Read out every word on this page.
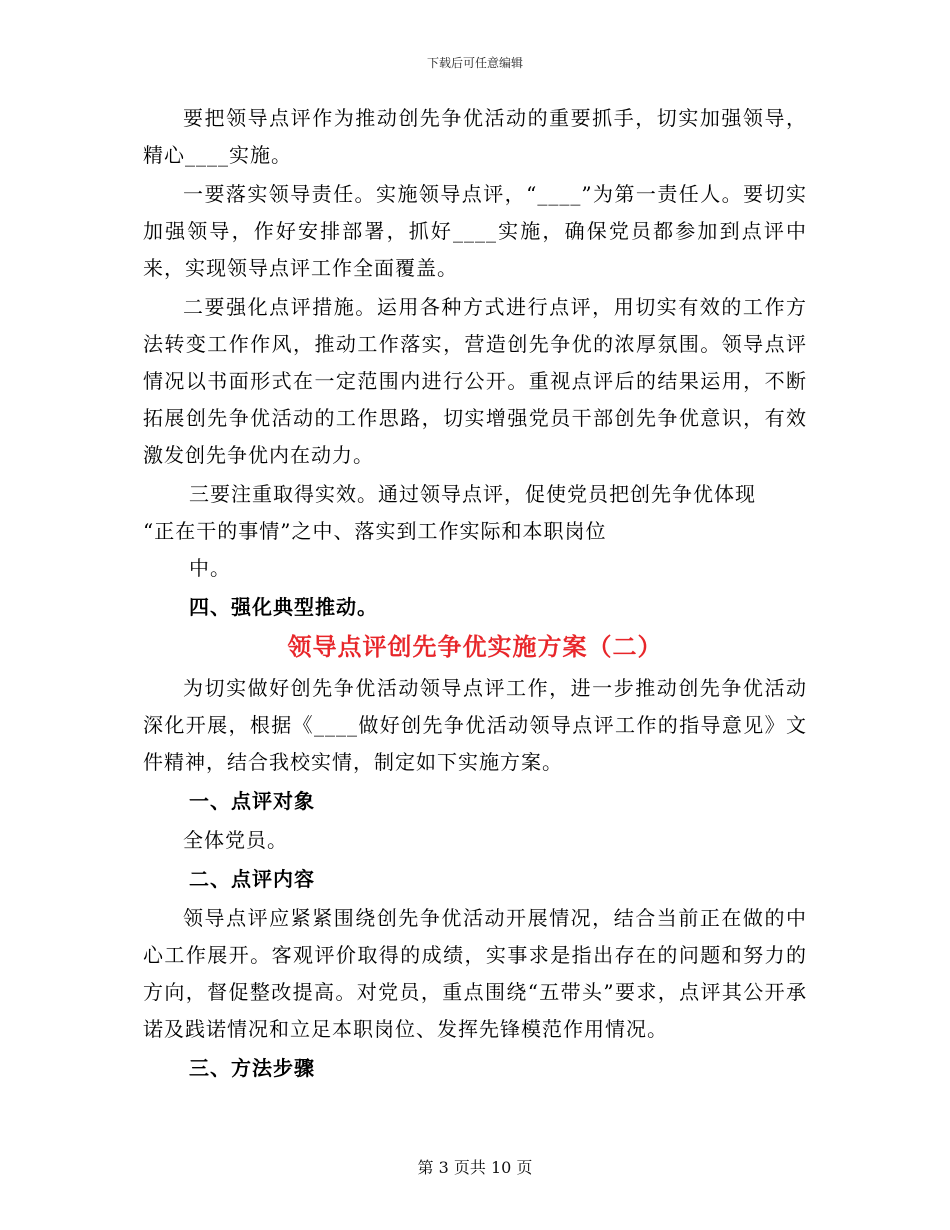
下载后可任意编辑

要把领导点评作为推动创先争优活动的重要抓手，切实加强领导，精心____实施。

一要落实领导责任。实施领导点评，“____”为第一责任人。要切实加强领导，作好安排部署，抓好____实施，确保党员都参加到点评中来，实现领导点评工作全面覆盖。

二要强化点评措施。运用各种方式进行点评，用切实有效的工作方法转变工作作风，推动工作落实，营造创先争优的浓厚氛围。领导点评情况以书面形式在一定范围内进行公开。重视点评后的结果运用，不断拓展创先争优活动的工作思路，切实增强党员干部创先争优意识，有效激发创先争优内在动力。

三要注重取得实效。通过领导点评，促使党员把创先争优体现
“正在干的事情”之中、落实到工作实际和本职岗位
中。

四、强化典型推动。

领导点评创先争优实施方案（二）

为切实做好创先争优活动领导点评工作，进一步推动创先争优活动深化开展，根据《____做好创先争优活动领导点评工作的指导意见》文件精神，结合我校实情，制定如下实施方案。

一、点评对象

全体党员。

二、点评内容

领导点评应紧紧围绕创先争优活动开展情况，结合当前正在做的中心工作展开。客观评价取得的成绩，实事求是指出存在的问题和努力的方向，督促整改提高。对党员，重点围绕“五带头”要求，点评其公开承诺及践诺情况和立足本职岗位、发挥先锋模范作用情况。

三、方法步骤

第 3 页共 10 页
